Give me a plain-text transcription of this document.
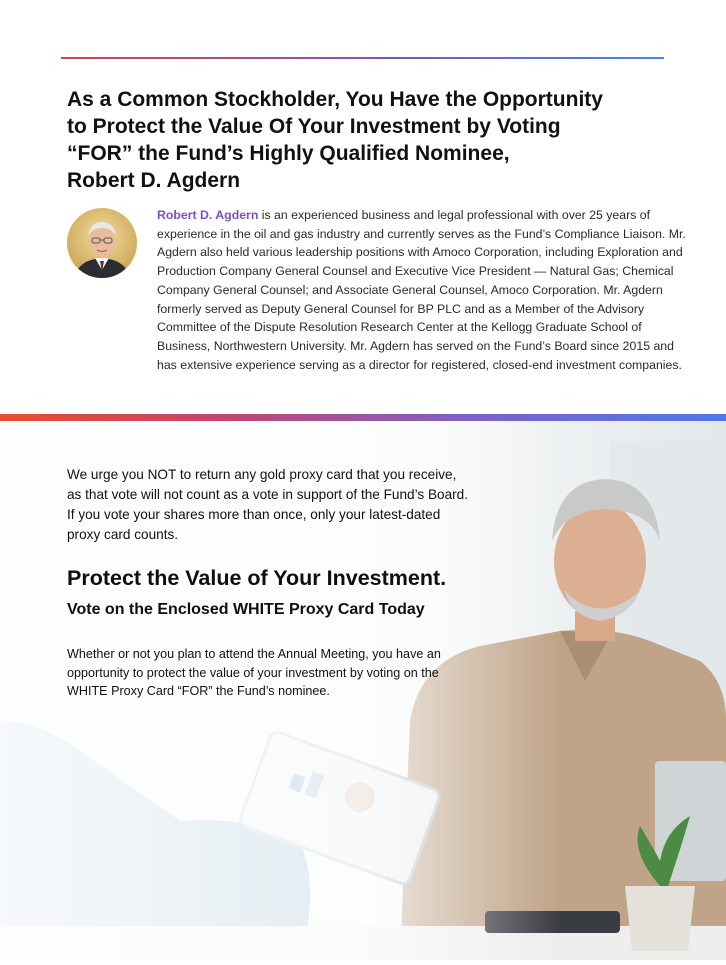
As a Common Stockholder, You Have the Opportunity
to Protect the Value Of Your Investment by Voting
“FOR” the Fund’s Highly Qualified Nominee,
Robert D. Agdern

Robert D. Agdern is an experienced business and legal professional with over 25 years of experience in the oil and gas industry and currently serves as the Fund’s Compliance Liaison. Mr. Agdern also held various leadership positions with Amoco Corporation, including Exploration and Production Company General Counsel and Executive Vice President — Natural Gas; Chemical Company General Counsel; and Associate General Counsel, Amoco Corporation. Mr. Agdern formerly served as Deputy General Counsel for BP PLC and as a Member of the Advisory Committee of the Dispute Resolution Research Center at the Kellogg Graduate School of Business, Northwestern University. Mr. Agdern has served on the Fund’s Board since 2015 and has extensive experience serving as a director for registered, closed-end investment companies.

We urge you NOT to return any gold proxy card that you receive,
as that vote will not count as a vote in support of the Fund’s Board.
If you vote your shares more than once, only your latest-dated
proxy card counts.

Protect the Value of Your Investment.
Vote on the Enclosed WHITE Proxy Card Today

Whether or not you plan to attend the Annual Meeting, you have an
opportunity to protect the value of your investment by voting on the
WHITE Proxy Card “FOR” the Fund’s nominee.
